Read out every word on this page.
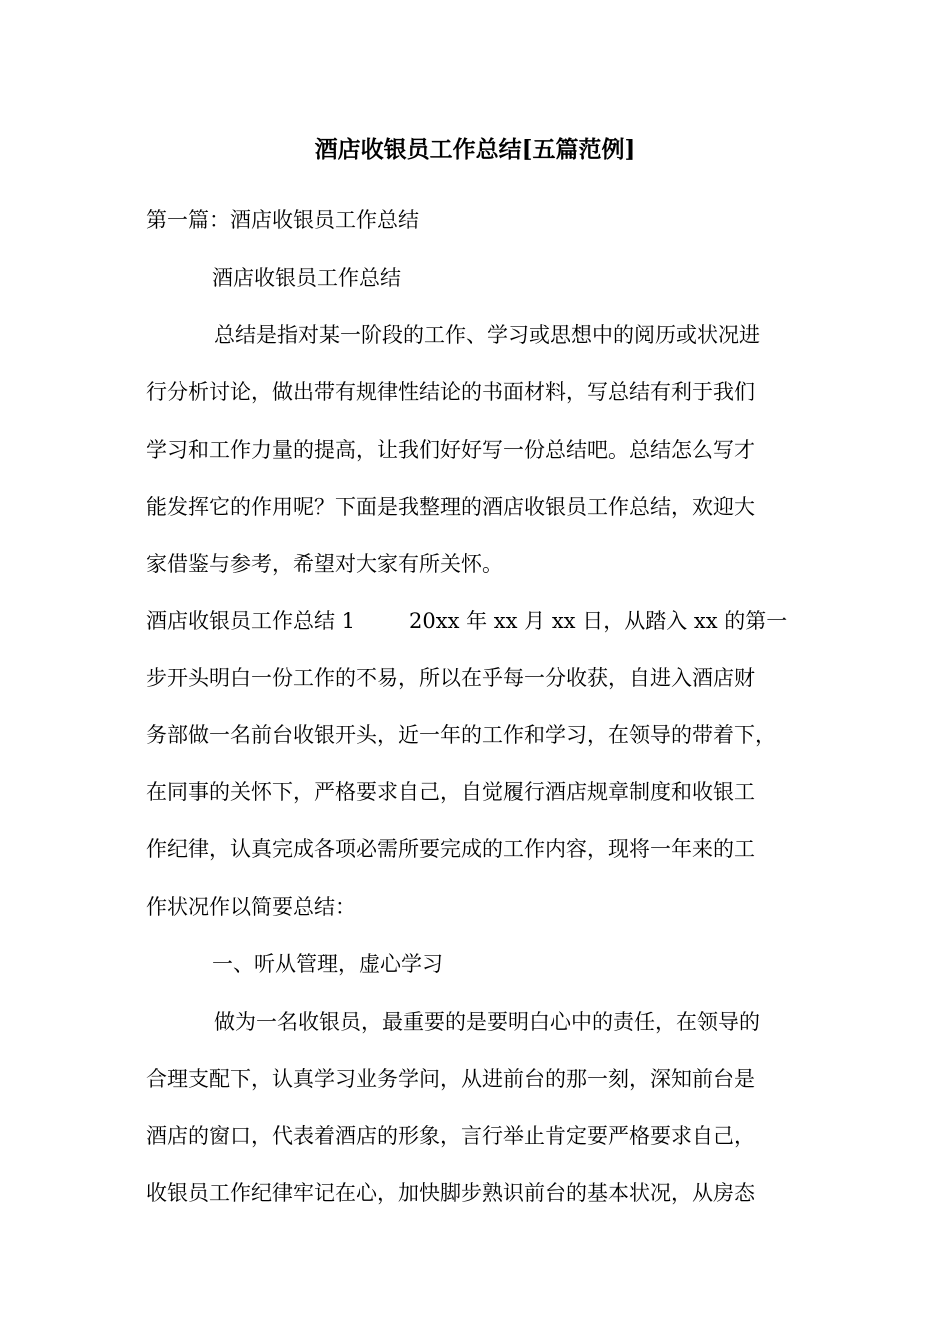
酒店收银员工作总结[五篇范例]
第一篇：酒店收银员工作总结
酒店收银员工作总结
总结是指对某一阶段的工作、学习或思想中的阅历或状况进
行分析讨论，做出带有规律性结论的书面材料，写总结有利于我们
学习和工作力量的提高，让我们好好写一份总结吧。总结怎么写才
能发挥它的作用呢？下面是我整理的酒店收银员工作总结，欢迎大
家借鉴与参考，希望对大家有所关怀。
酒店收银员工作总结 1	20xx 年 xx 月 xx 日，从踏入 xx 的第一
步开头明白一份工作的不易，所以在乎每一分收获，自进入酒店财
务部做一名前台收银开头，近一年的工作和学习，在领导的带着下，
在同事的关怀下，严格要求自己，自觉履行酒店规章制度和收银工
作纪律，认真完成各项必需所要完成的工作内容，现将一年来的工
作状况作以简要总结：
一、听从管理，虚心学习
做为一名收银员，最重要的是要明白心中的责任，在领导的
合理支配下，认真学习业务学问，从进前台的那一刻，深知前台是
酒店的窗口，代表着酒店的形象，言行举止肯定要严格要求自己，
收银员工作纪律牢记在心，加快脚步熟识前台的基本状况，从房态
